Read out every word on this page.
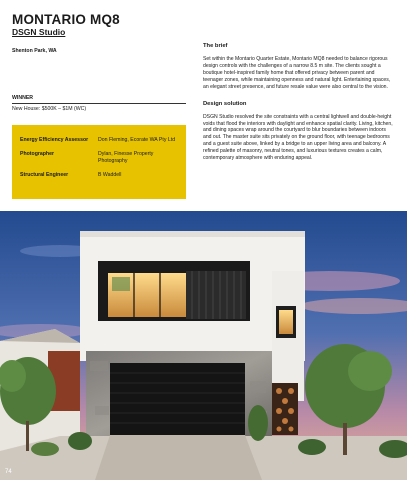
MONTARIO MQ8
DSGN Studio
Shenton Park, WA
WINNER
New House: $500K – $1M (WC)
Energy Efficiency Assessor	Don Fleming, Ecorate WA Pty Ltd
Photographer	Dylan, Finesse Property Photography
Structural Engineer	B Waddell
The brief
Set within the Montario Quarter Estate, Montario MQ8 needed to balance rigorous design controls with the challenges of a narrow 8.5 m site. The clients sought a boutique hotel-inspired family home that offered privacy between parent and teenager zones, while maintaining openness and natural light. Entertaining spaces, an elegant street presence, and future resale value were also central to the vision.
Design solution
DSGN Studio resolved the site constraints with a central lightwell and double-height voids that flood the interiors with daylight and enhance spatial clarity. Living, kitchen, and dining spaces wrap around the courtyard to blur boundaries between indoors and out. The master suite sits privately on the ground floor, with teenage bedrooms and a guest suite above, linked by a bridge to an upper living area and balcony. A refined palette of masonry, neutral tones, and luxurious textures creates a calm, contemporary atmosphere with enduring appeal.
74
